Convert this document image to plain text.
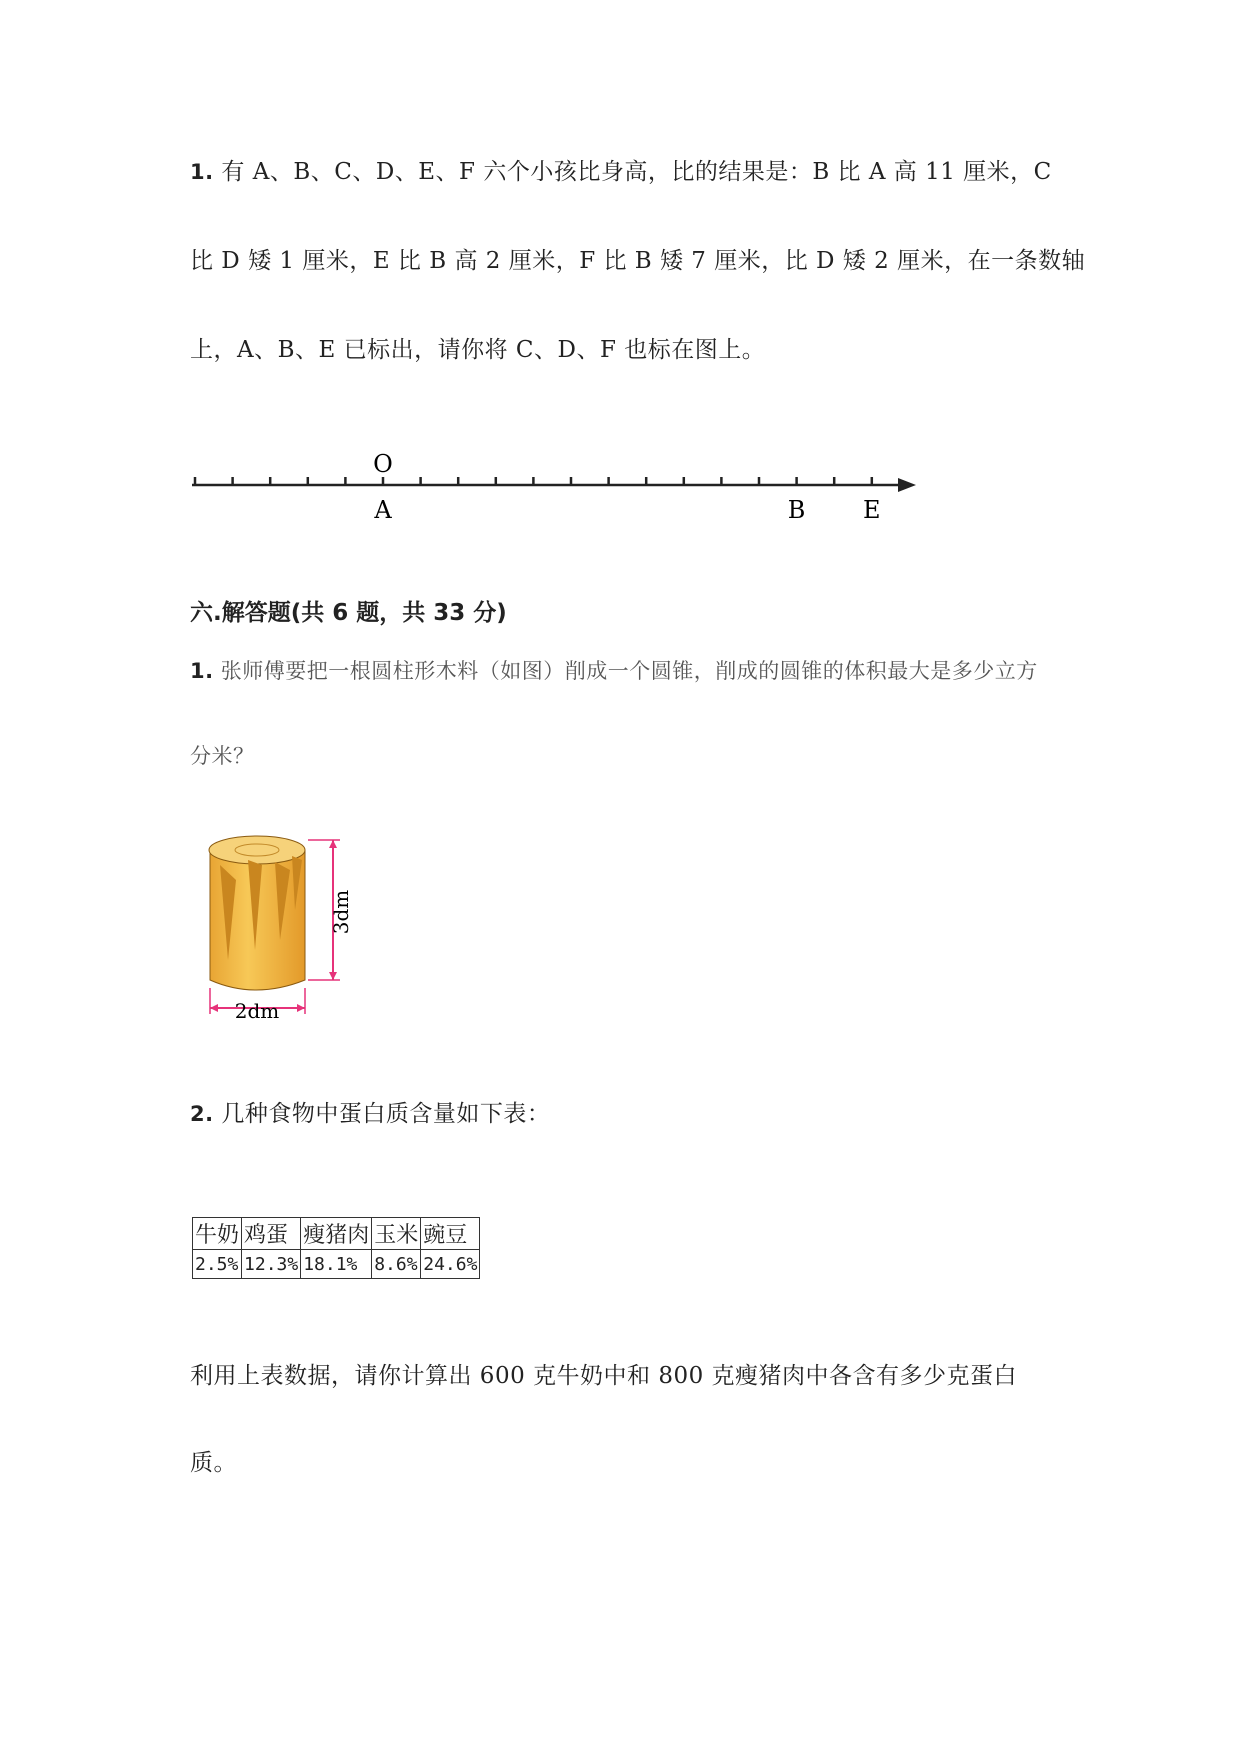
1. 有 A、B、C、D、E、F 六个小孩比身高，比的结果是：B 比 A 高 11 厘米，C
比 D 矮 1 厘米，E 比 B 高 2 厘米，F 比 B 矮 7 厘米，比 D 矮 2 厘米，在一条数轴
上，A、B、E 已标出，请你将 C、D、F 也标在图上。
A	B E
O
六.解答题(共 6 题，共 33 分)
1. 张师傅要把一根圆柱形木料（如图）削成一个圆锥，削成的圆锥的体积最大是多少立方
分米？
3dm
2dm
2. 几种食物中蛋白质含量如下表：
牛奶	鸡蛋	瘦猪肉	玉米	豌豆
2.5%	12.3%	18.1%	8.6%	24.6%
利用上表数据，请你计算出 600 克牛奶中和 800 克瘦猪肉中各含有多少克蛋白
质。
